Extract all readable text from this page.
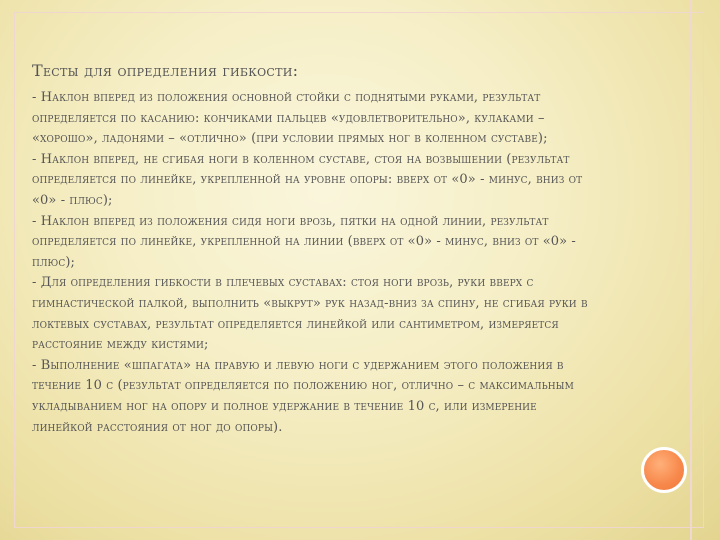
Тесты для определения гибкости:

- Наклон вперед из положения основной стойки с поднятыми руками, результат определяется по касанию: кончиками пальцев «удовлетворительно», кулаками – «хорошо», ладонями – «отлично» (при условии прямых ног в коленном суставе);

- Наклон вперед, не сгибая ноги в коленном суставе, стоя на возвышении (результат определяется по линейке, укрепленной на уровне опоры: вверх от «0» - минус, вниз от «0» - плюс);

- Наклон вперед из положения сидя ноги врозь, пятки на одной линии, результат определяется по линейке, укрепленной на линии (вверх от «0» - минус, вниз от «0» - плюс);

- Для определения гибкости в плечевых суставах: стоя ноги врозь, руки вверх с гимнастической палкой, выполнить «выкрут» рук назад-вниз за спину, не сгибая руки в локтевых суставах, результат определяется линейкой или сантиметром, измеряется расстояние между кистями;

- Выполнение «шпагата» на правую и левую ноги с удержанием этого положения в течение 10 с (результат определяется по положению ног, отлично – с максимальным укладыванием ног на опору и полное удержание в течение 10 с, или измерение линейкой расстояния от ног до опоры).
